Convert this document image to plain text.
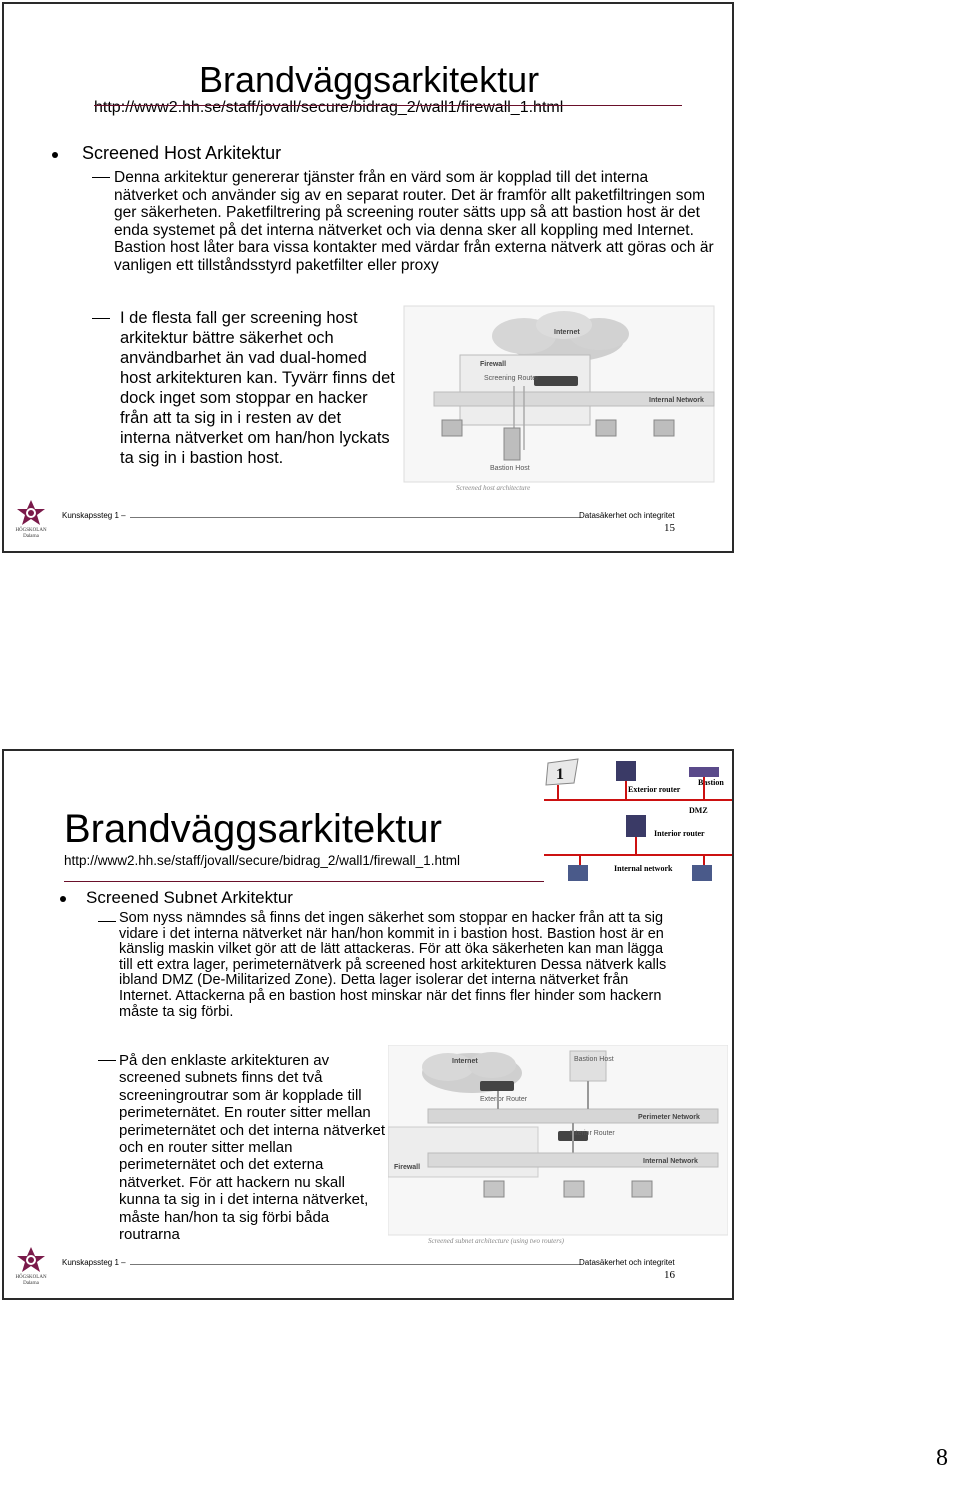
Brandväggsarkitektur
http://www2.hh.se/staff/jovall/secure/bidrag_2/wall1/firewall_1.html
Screened Host Arkitektur
Denna arkitektur genererar tjänster från en värd som är kopplad till det interna nätverket och använder sig av en separat router. Det är framför allt paketfiltringen som ger säkerheten. Paketfiltrering på screening router sätts upp så att bastion host är det enda systemet på det interna nätverket och via denna sker all koppling med Internet. Bastion host låter bara vissa kontakter med värdar från externa nätverk att göras och är vanligen ett tillståndsstyrd paketfilter eller proxy
I de flesta fall ger screening host arkitektur bättre säkerhet och användbarhet än vad dual-homed host arkitekturen kan. Tyvärr finns det dock inget som stoppar en hacker från att ta sig in i resten av det interna nätverket om han/hon lyckats ta sig in i bastion host.
Internet
Firewall
Screening Router
Internal Network
Bastion Host
Screened host architecture
HÖGSKOLAN Dalarna
Kunskapssteg 1 –	Datasäkerhet och integritet
15
1
Exterior router
Bastion
DMZ
Interior router
Internal network
Brandväggsarkitektur
http://www2.hh.se/staff/jovall/secure/bidrag_2/wall1/firewall_1.html
Screened Subnet Arkitektur
Som nyss nämndes så finns det ingen säkerhet som stoppar en hacker från att ta sig vidare i det interna nätverket när han/hon kommit in i bastion host. Bastion host är en känslig maskin vilket gör att de lätt attackeras. För att öka säkerheten kan man lägga till ett extra lager, perimeternätverk på screened host arkitekturen Dessa nätverk kalls ibland DMZ (De-Militarized Zone). Detta lager isolerar det interna nätverket från Internet. Attackerna på en bastion host minskar när det finns fler hinder som hackern måste ta sig förbi.
På den enklaste arkitekturen av screened subnets finns det två screeningroutrar som är kopplade till perimeternätet. En router sitter mellan perimeternätet och det interna nätverket och en router sitter mellan perimeternätet och det externa nätverket. För att hackern nu skall kunna ta sig in i det interna nätverket, måste han/hon ta sig förbi båda routrarna
Internet
Exterior Router
Bastion Host
Perimeter Network
Interior Router
Firewall
Internal Network
Screened subnet architecture (using two routers)
HÖGSKOLAN Dalarna
Kunskapssteg 1 –	Datasäkerhet och integritet
16
8
